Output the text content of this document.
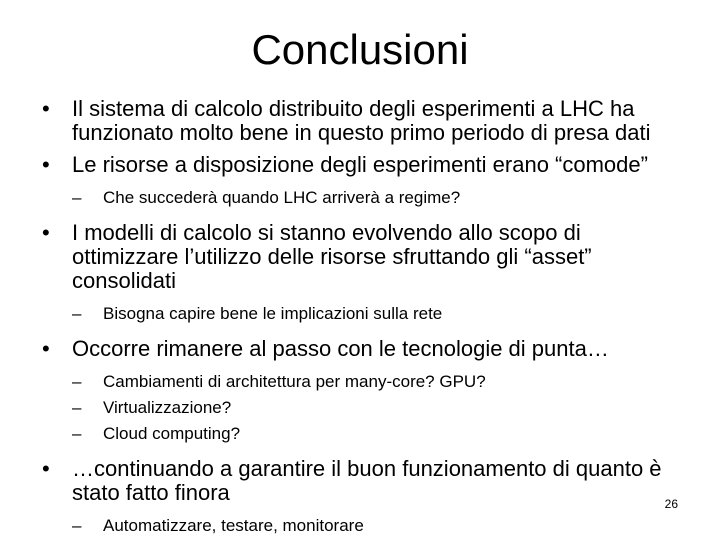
Conclusioni
• Il sistema di calcolo distribuito degli esperimenti a LHC ha funzionato molto bene in questo primo periodo di presa dati
• Le risorse a disposizione degli esperimenti erano “comode”
– Che succederà quando LHC arriverà a regime?
• I modelli di calcolo si stanno evolvendo allo scopo di ottimizzare l’utilizzo delle risorse sfruttando gli “asset” consolidati
– Bisogna capire bene le implicazioni sulla rete
• Occorre rimanere al passo con le tecnologie di punta…
– Cambiamenti di architettura per many-core? GPU?
– Virtualizzazione?
– Cloud computing?
• …continuando a garantire il buon funzionamento di quanto è stato fatto finora
– Automatizzare, testare, monitorare
26
